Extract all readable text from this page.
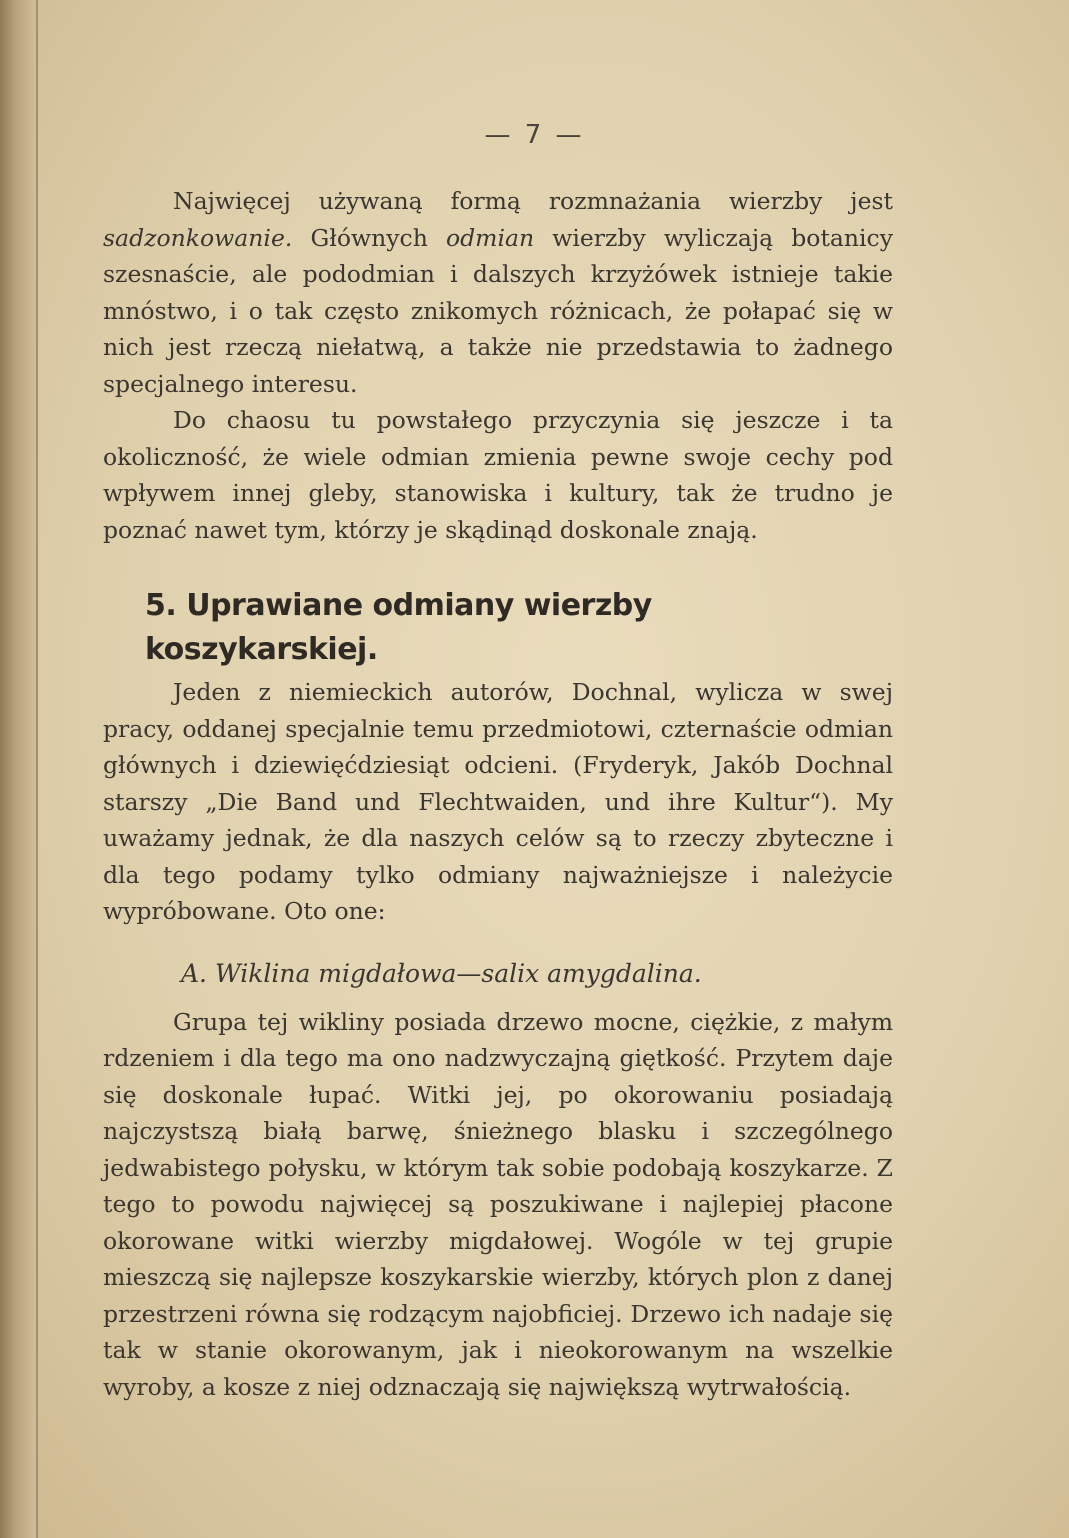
— 7 —

Najwięcej używaną formą rozmnażania wierzby jest sadzonkowanie. Głównych odmian wierzby wyliczają botanicy szesnaście, ale pododmian i dalszych krzyżówek istnieje takie mnóstwo, i o tak często znikomych różnicach, że połapać się w nich jest rzeczą niełatwą, a także nie przedstawia to żadnego specjalnego interesu.

Do chaosu tu powstałego przyczynia się jeszcze i ta okoliczność, że wiele odmian zmienia pewne swoje cechy pod wpływem innej gleby, stanowiska i kultury, tak że trudno je poznać nawet tym, którzy je skądinąd doskonale znają.

5. Uprawiane odmiany wierzby koszykarskiej.

Jeden z niemieckich autorów, Dochnal, wylicza w swej pracy, oddanej specjalnie temu przedmiotowi, czternaście odmian głównych i dziewięćdziesiąt odcieni. (Fryderyk, Jakób Dochnal starszy „Die Band und Flechtwaiden, und ihre Kultur“). My uważamy jednak, że dla naszych celów są to rzeczy zbyteczne i dla tego podamy tylko odmiany najważniejsze i należycie wypróbowane. Oto one:

A. Wiklina migdałowa—salix amygdalina.

Grupa tej wikliny posiada drzewo mocne, ciężkie, z małym rdzeniem i dla tego ma ono nadzwyczajną giętkość. Przytem daje się doskonale łupać. Witki jej, po okorowaniu posiadają najczystszą białą barwę, śnieżnego blasku i szczególnego jedwabistego połysku, w którym tak sobie podobają koszykarze. Z tego to powodu najwięcej są poszukiwane i najlepiej płacone okorowane witki wierzby migdałowej. Wogóle w tej grupie mieszczą się najlepsze koszykarskie wierzby, których plon z danej przestrzeni równa się rodzącym najobficiej. Drzewo ich nadaje się tak w stanie okorowanym, jak i nieokorowanym na wszelkie wyroby, a kosze z niej odznaczają się największą wytrwałością.
